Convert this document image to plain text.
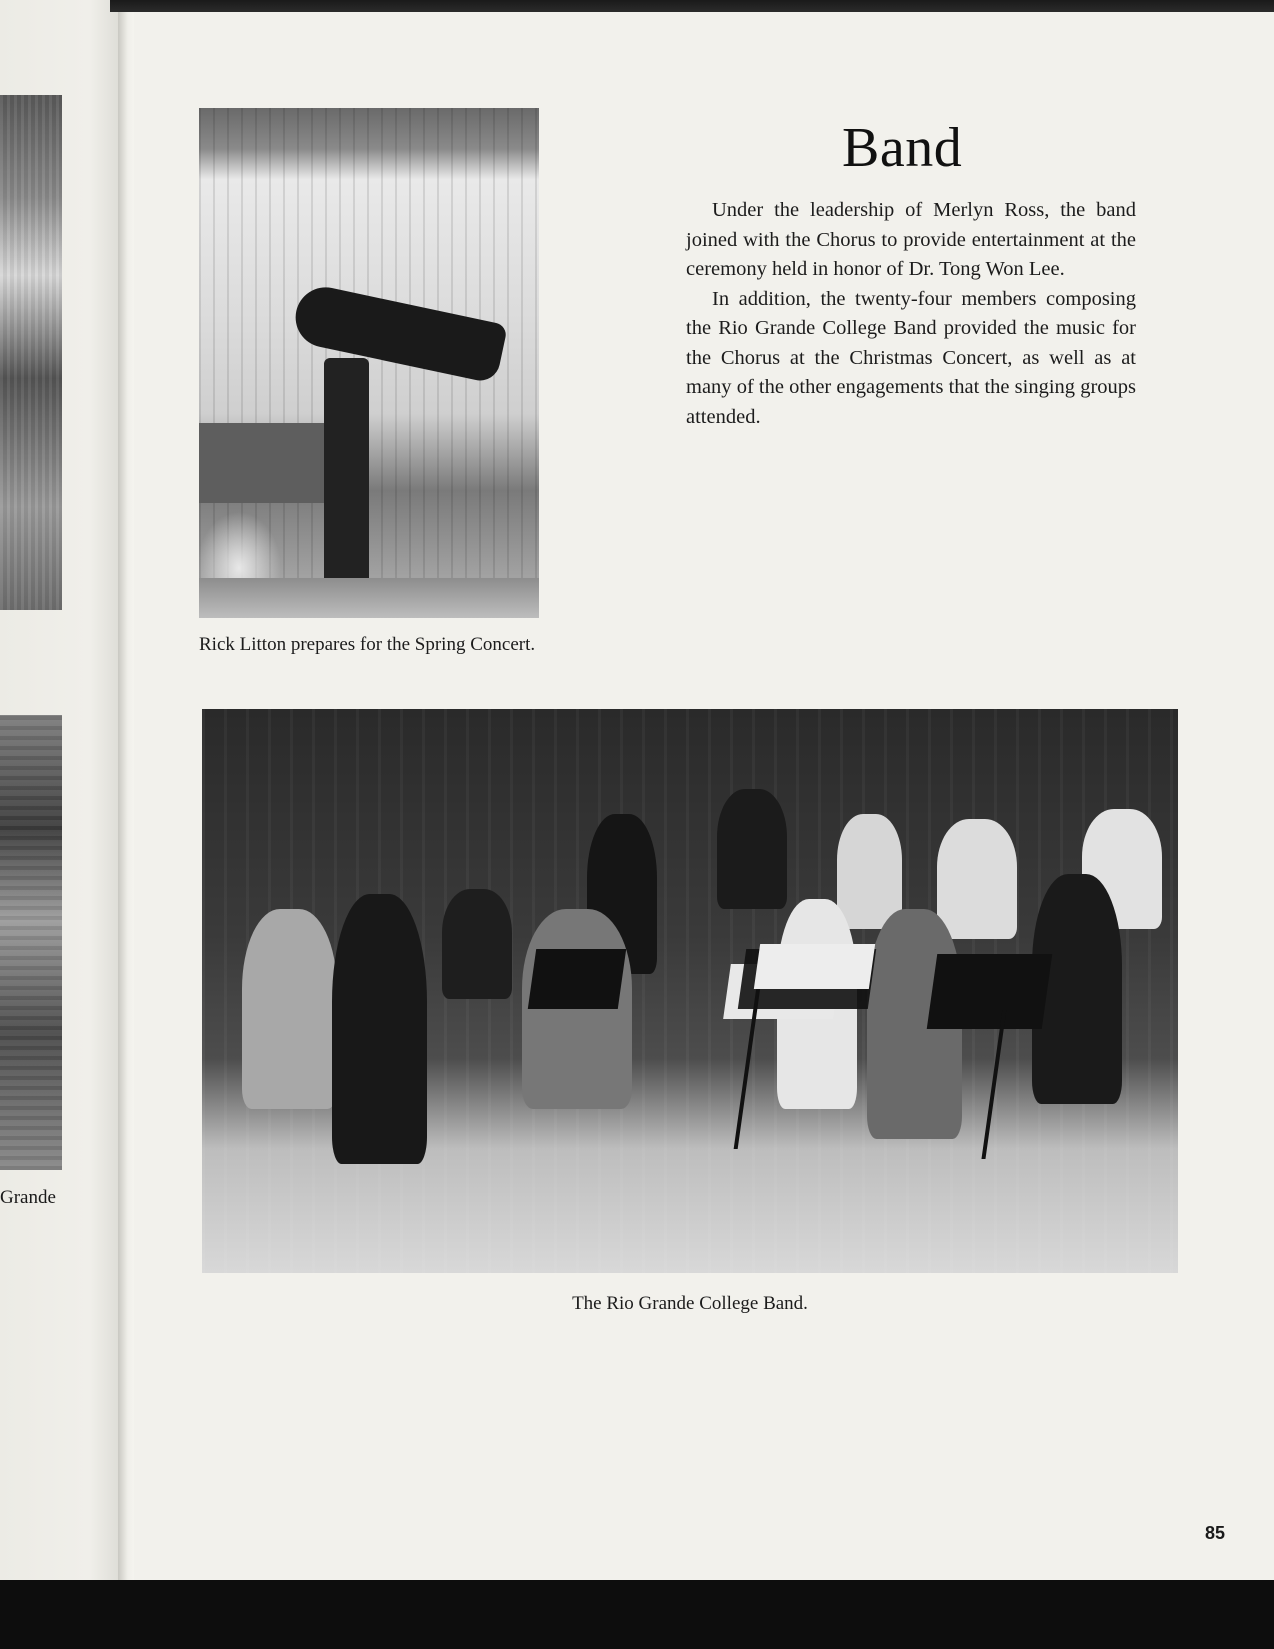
Grande
Rick Litton prepares for the Spring Concert.
Band

Under the leadership of Merlyn Ross, the band joined with the Chorus to provide entertainment at the ceremony held in honor of Dr. Tong Won Lee.

In addition, the twenty-four members composing the Rio Grande College Band provided the music for the Chorus at the Christmas Concert, as well as at many of the other engagements that the singing groups attended.

The Rio Grande College Band.
85
